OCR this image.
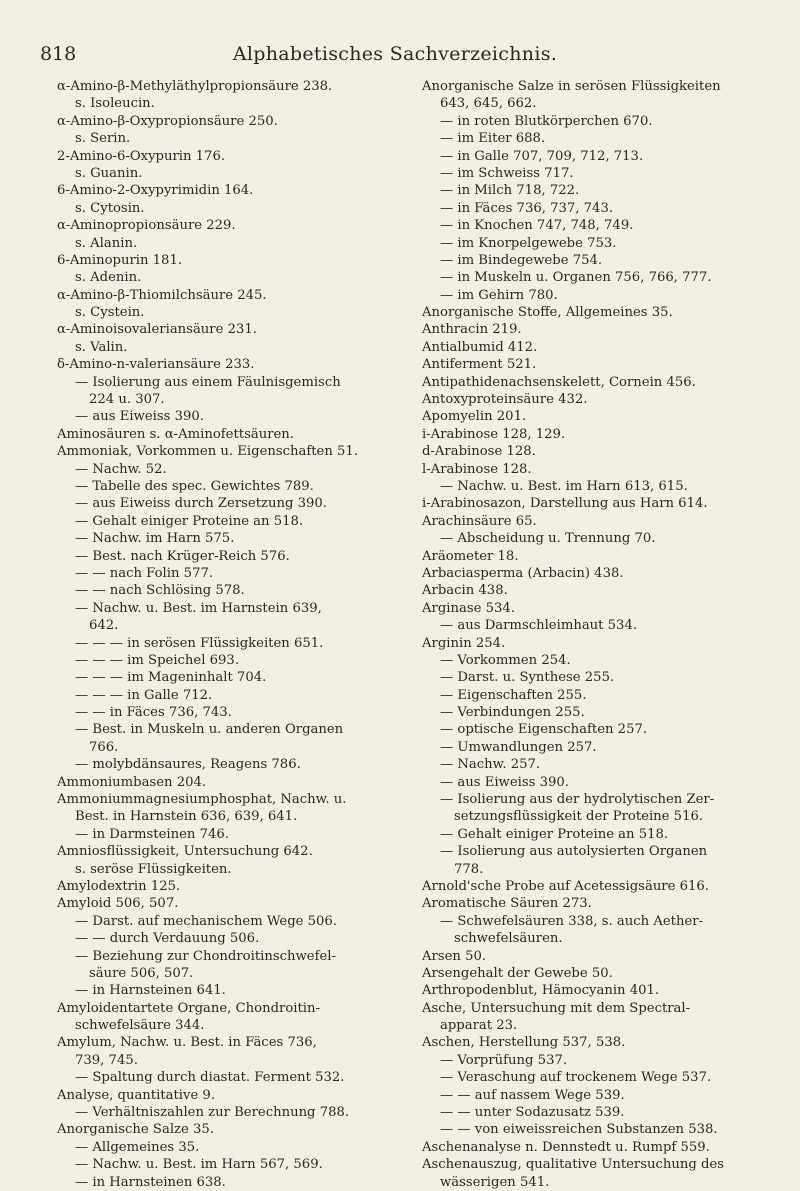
818	Alphabetisches Sachverzeichnis.
α-Amino-β-Methyläthylpropionsäure 238.
s. Isoleucin.
α-Amino-β-Oxypropionsäure 250.
s. Serin.
2-Amino-6-Oxypurin 176.
s. Guanin.
6-Amino-2-Oxypyrimidin 164.
s. Cytosin.
α-Aminopropionsäure 229.
s. Alanin.
6-Aminopurin 181.
s. Adenin.
α-Amino-β-Thiomilchsäure 245.
s. Cystein.
α-Aminoisovaleriansäure 231.
s. Valin.
δ-Amino-n-valeriansäure 233.
— Isolierung aus einem Fäulnisgemisch
224 u. 307.
— aus Eiweiss 390.
Aminosäuren s. α-Aminofettsäuren.
Ammoniak, Vorkommen u. Eigenschaften 51.
— Nachw. 52.
— Tabelle des spec. Gewichtes 789.
— aus Eiweiss durch Zersetzung 390.
— Gehalt einiger Proteine an 518.
— Nachw. im Harn 575.
— Best. nach Krüger-Reich 576.
— — nach Folin 577.
— — nach Schlösing 578.
— Nachw. u. Best. im Harnstein 639,
642.
— — — in serösen Flüssigkeiten 651.
— — — im Speichel 693.
— — — im Mageninhalt 704.
— — — in Galle 712.
— — in Fäces 736, 743.
— Best. in Muskeln u. anderen Organen
766.
— molybdänsaures, Reagens 786.
Ammoniumbasen 204.
Ammoniummagnesiumphosphat, Nachw. u.
Best. in Harnstein 636, 639, 641.
— in Darmsteinen 746.
Amniosflüssigkeit, Untersuchung 642.
s. seröse Flüssigkeiten.
Amylodextrin 125.
Amyloid 506, 507.
— Darst. auf mechanischem Wege 506.
— — durch Verdauung 506.
— Beziehung zur Chondroitinschwefel-
säure 506, 507.
— in Harnsteinen 641.
Amyloidentartete Organe, Chondroitin-
schwefelsäure 344.
Amylum, Nachw. u. Best. in Fäces 736,
739, 745.
— Spaltung durch diastat. Ferment 532.
Analyse, quantitative 9.
— Verhältniszahlen zur Berechnung 788.
Anorganische Salze 35.
— Allgemeines 35.
— Nachw. u. Best. im Harn 567, 569.
— in Harnsteinen 638.
Anorganische Salze in serösen Flüssigkeiten
643, 645, 662.
— in roten Blutkörperchen 670.
— im Eiter 688.
— in Galle 707, 709, 712, 713.
— im Schweiss 717.
— in Milch 718, 722.
— in Fäces 736, 737, 743.
— in Knochen 747, 748, 749.
— im Knorpelgewebe 753.
— im Bindegewebe 754.
— in Muskeln u. Organen 756, 766, 777.
— im Gehirn 780.
Anorganische Stoffe, Allgemeines 35.
Anthracin 219.
Antialbumid 412.
Antiferment 521.
Antipathidenachsenskelett, Cornein 456.
Antoxyproteinsäure 432.
Apomyelin 201.
i-Arabinose 128, 129.
d-Arabinose 128.
l-Arabinose 128.
— Nachw. u. Best. im Harn 613, 615.
i-Arabinosazon, Darstellung aus Harn 614.
Arachinsäure 65.
— Abscheidung u. Trennung 70.
Aräometer 18.
Arbaciasperma (Arbacin) 438.
Arbacin 438.
Arginase 534.
— aus Darmschleimhaut 534.
Arginin 254.
— Vorkommen 254.
— Darst. u. Synthese 255.
— Eigenschaften 255.
— Verbindungen 255.
— optische Eigenschaften 257.
— Umwandlungen 257.
— Nachw. 257.
— aus Eiweiss 390.
— Isolierung aus der hydrolytischen Zer-
setzungsflüssigkeit der Proteine 516.
— Gehalt einiger Proteine an 518.
— Isolierung aus autolysierten Organen
778.
Arnold'sche Probe auf Acetessigsäure 616.
Aromatische Säuren 273.
— Schwefelsäuren 338, s. auch Aether-
schwefelsäuren.
Arsen 50.
Arsengehalt der Gewebe 50.
Arthropodenblut, Hämocyanin 401.
Asche, Untersuchung mit dem Spectral-
apparat 23.
Aschen, Herstellung 537, 538.
— Vorprüfung 537.
— Veraschung auf trockenem Wege 537.
— — auf nassem Wege 539.
— — unter Sodazusatz 539.
— — von eiweissreichen Substanzen 538.
Aschenanalyse n. Dennstedt u. Rumpf 559.
Aschenauszug, qualitative Untersuchung des
wässerigen 541.
